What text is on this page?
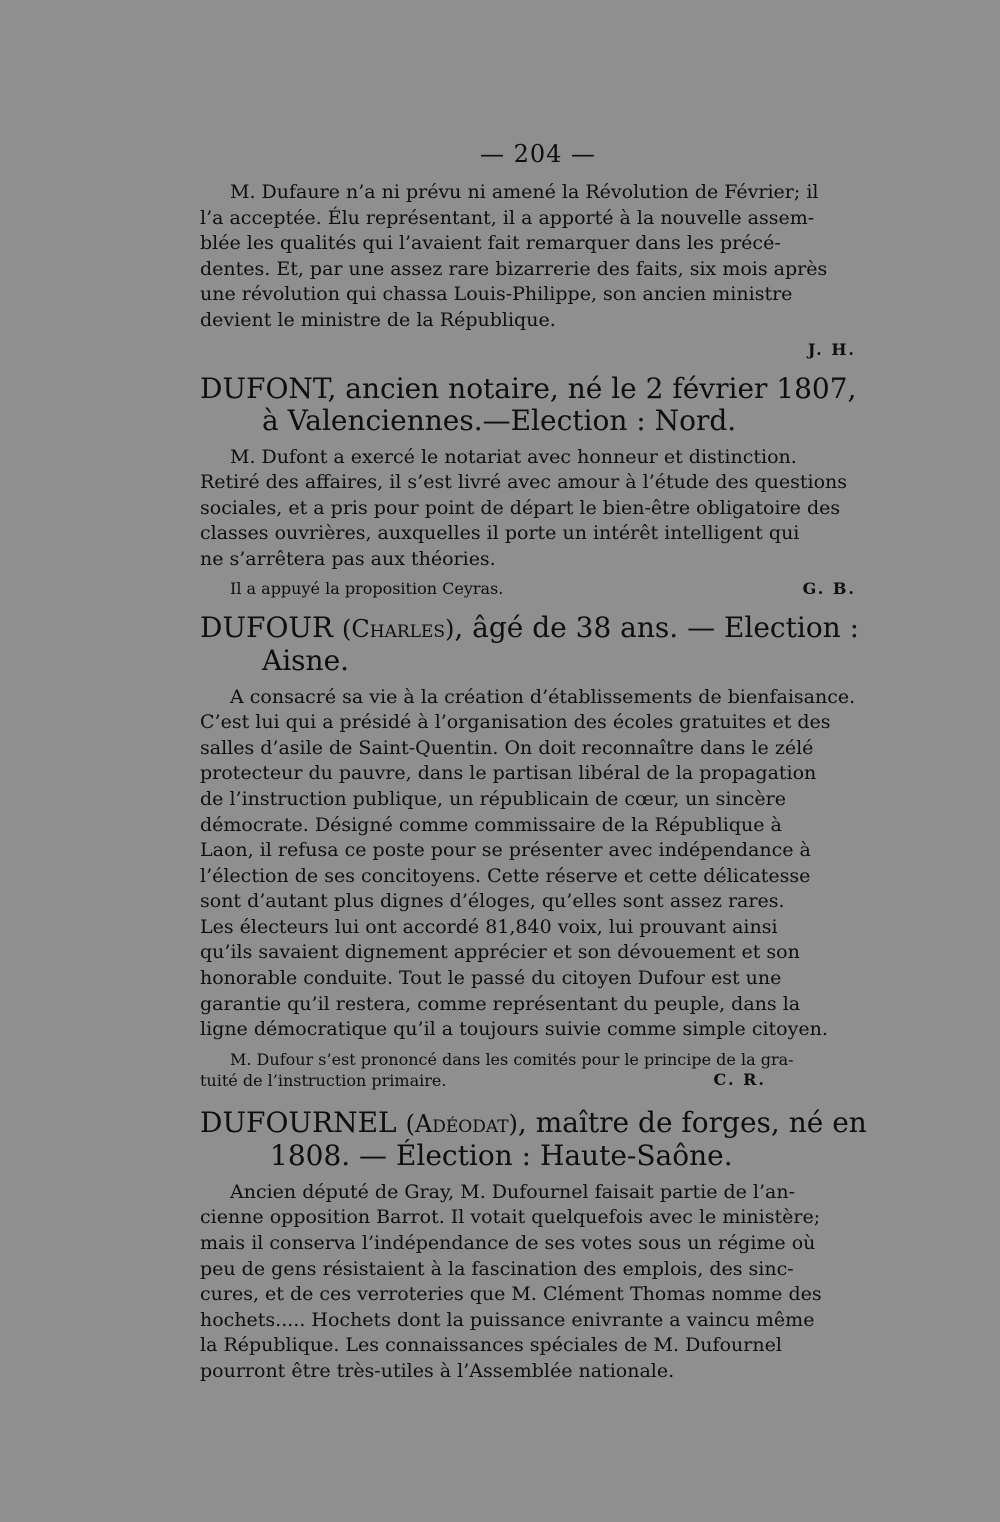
— 204 —

M. Dufaure n’a ni prévu ni amené la Révolution de Février; il
l’a acceptée. Élu représentant, il a apporté à la nouvelle assem-
blée les qualités qui l’avaient fait remarquer dans les précé-
dentes. Et, par une assez rare bizarrerie des faits, six mois après
une révolution qui chassa Louis-Philippe, son ancien ministre
devient le ministre de la République.

J. H.
DUFONT, ancien notaire, né le 2 février 1807, à Valenciennes.—Election : Nord.

M. Dufont a exercé le notariat avec honneur et distinction.
Retiré des affaires, il s’est livré avec amour à l’étude des questions
sociales, et a pris pour point de départ le bien-être obligatoire des
classes ouvrières, auxquelles il porte un intérêt intelligent qui
ne s’arrêtera pas aux théories.

Il a appuyé la proposition Ceyras.	G. B.
DUFOUR (Charles), âgé de 38 ans. — Election : Aisne.

A consacré sa vie à la création d’établissements de bienfaisance.
C’est lui qui a présidé à l’organisation des écoles gratuites et des
salles d’asile de Saint-Quentin. On doit reconnaître dans le zélé
protecteur du pauvre, dans le partisan libéral de la propagation
de l’instruction publique, un républicain de cœur, un sincère
démocrate. Désigné comme commissaire de la République à
Laon, il refusa ce poste pour se présenter avec indépendance à
l’élection de ses concitoyens. Cette réserve et cette délicatesse
sont d’autant plus dignes d’éloges, qu’elles sont assez rares.
Les électeurs lui ont accordé 81,840 voix, lui prouvant ainsi
qu’ils savaient dignement apprécier et son dévouement et son
honorable conduite. Tout le passé du citoyen Dufour est une
garantie qu’il restera, comme représentant du peuple, dans la
ligne démocratique qu’il a toujours suivie comme simple citoyen.

M. Dufour s’est prononcé dans les comités pour le principe de la gra-
tuité de l’instruction primaire.	C. R.
DUFOURNEL (Adéodat), maître de forges, né en 1808. — Élection : Haute-Saône.

Ancien député de Gray, M. Dufournel faisait partie de l’an-
cienne opposition Barrot. Il votait quelquefois avec le ministère;
mais il conserva l’indépendance de ses votes sous un régime où
peu de gens résistaient à la fascination des emplois, des sinc-
cures, et de ces verroteries que M. Clément Thomas nomme des
hochets..... Hochets dont la puissance enivrante a vaincu même
la République. Les connaissances spéciales de M. Dufournel
pourront être très-utiles à l’Assemblée nationale.
